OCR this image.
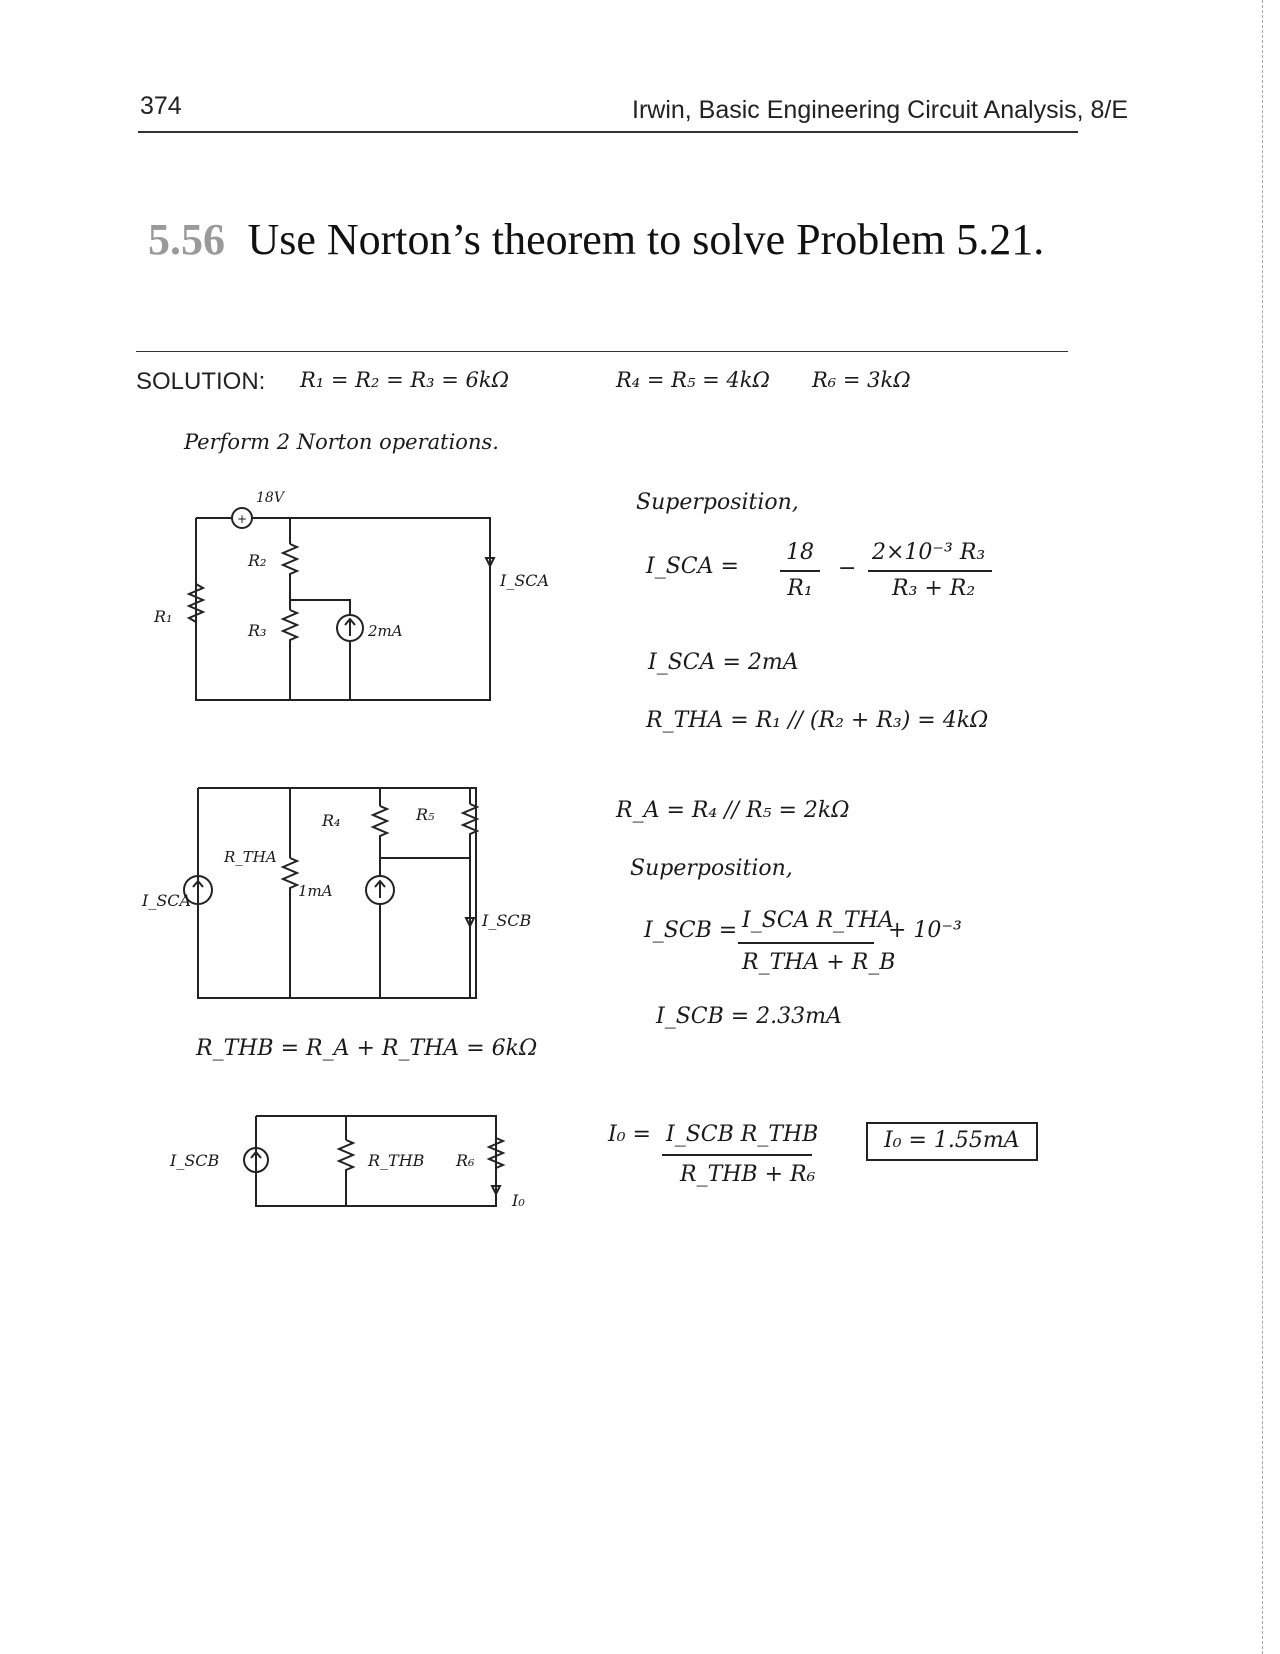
374	Irwin, Basic Engineering Circuit Analysis, 8/E
5.56 Use Norton’s theorem to solve Problem 5.21.
SOLUTION: R₁ = R₂ = R₃ = 6kΩ	R₄ = R₅ = 4kΩ R₆ = 3kΩ
Perform 2 Norton operations.
+
18V
R₁
R₂
R₃	2mA
I_SCA
Superposition,
I_SCA =
18
R₁
−
2×10⁻³ R₃
R₃ + R₂
I_SCA = 2mA
R_THA = R₁ // (R₂ + R₃) = 4kΩ
I_SCA
R_THA
R₄	R₅
1mA
I_SCB
R_A = R₄ // R₅ = 2kΩ
Superposition,
I_SCB = I_SCA R_THA
R_THA + R_B
+ 10⁻³
I_SCB = 2.33mA
R_THB = R_A + R_THA = 6kΩ
I_SCB	R_THB R₆
I₀
I₀ = I_SCB R_THB
R_THB + R₆
I₀ = 1.55mA
